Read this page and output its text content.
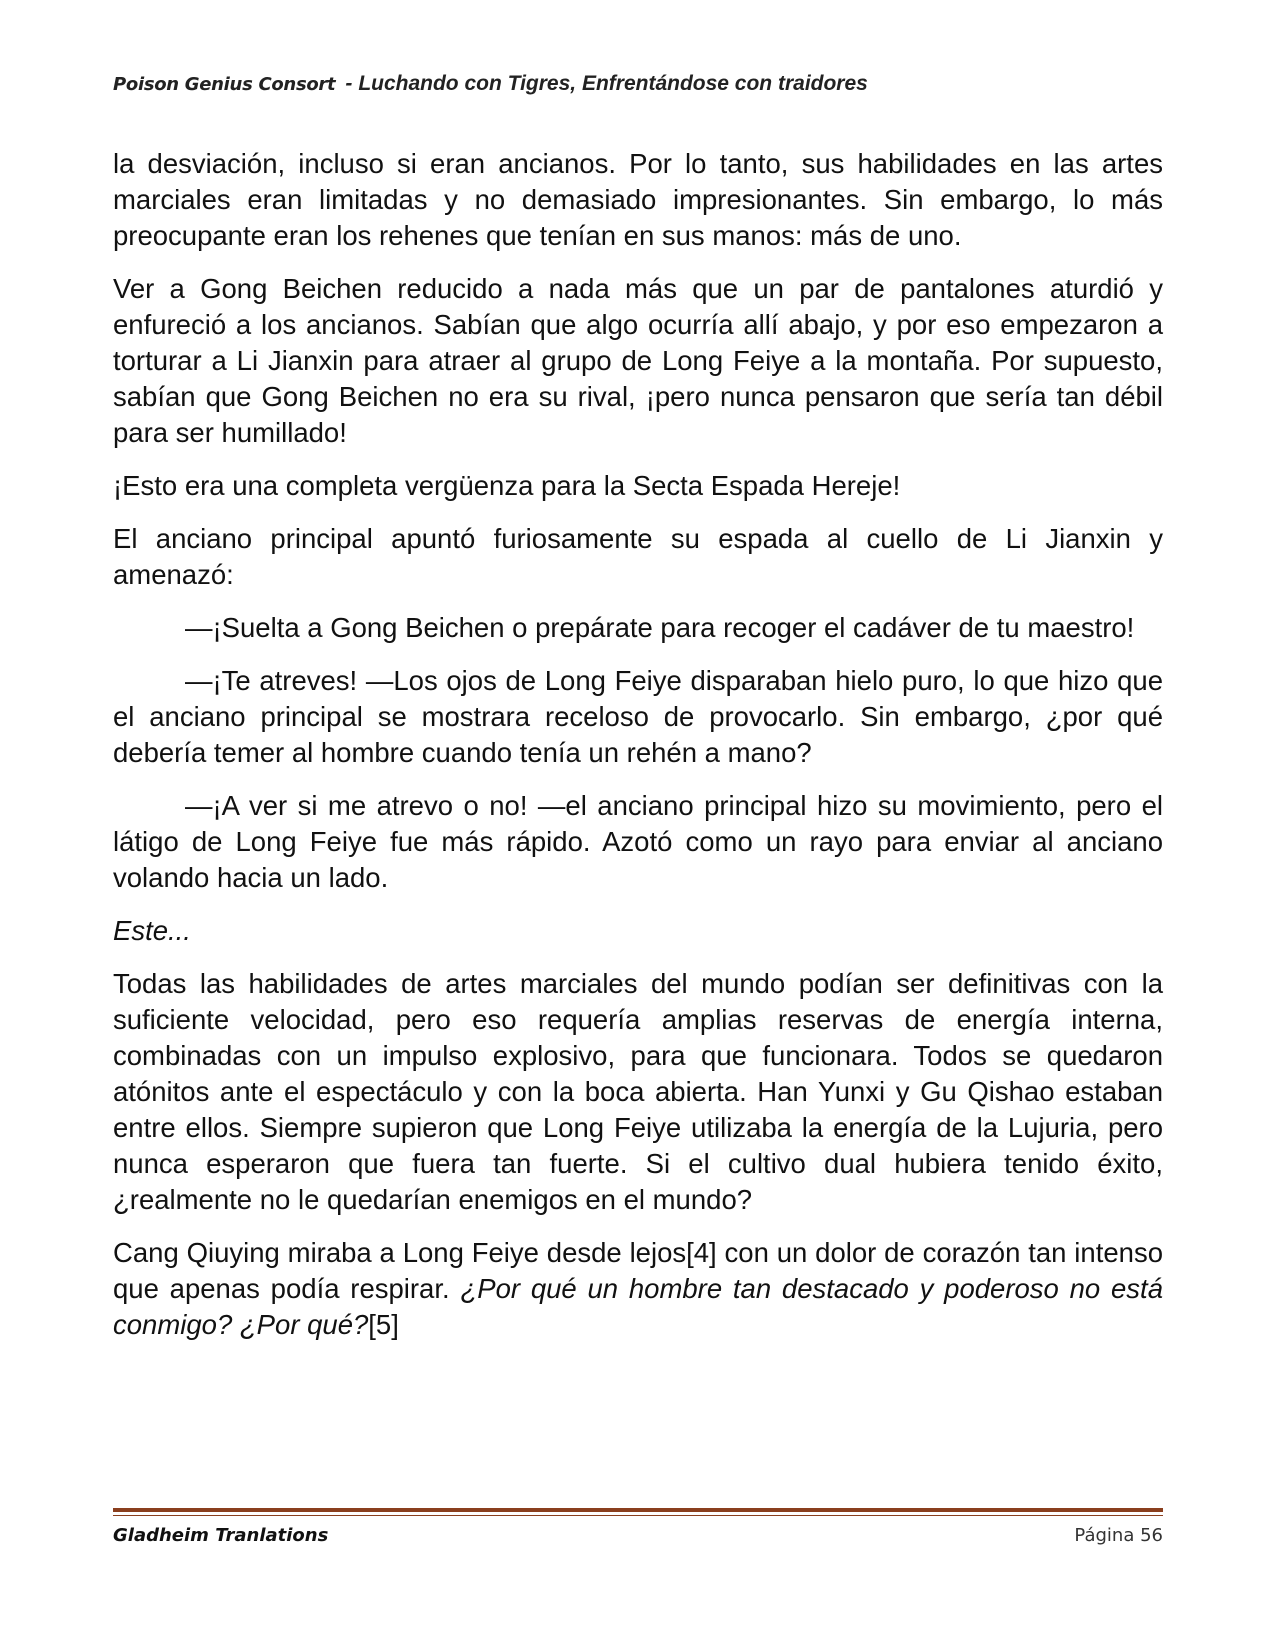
Poison Genius Consort - Luchando con Tigres, Enfrentándose con traidores

la desviación, incluso si eran ancianos. Por lo tanto, sus habilidades en las artes marciales eran limitadas y no demasiado impresionantes. Sin embargo, lo más preocupante eran los rehenes que tenían en sus manos: más de uno.

Ver a Gong Beichen reducido a nada más que un par de pantalones aturdió y enfureció a los ancianos. Sabían que algo ocurría allí abajo, y por eso empezaron a torturar a Li Jianxin para atraer al grupo de Long Feiye a la montaña. Por supuesto, sabían que Gong Beichen no era su rival, ¡pero nunca pensaron que sería tan débil para ser humillado!

¡Esto era una completa vergüenza para la Secta Espada Hereje!

El anciano principal apuntó furiosamente su espada al cuello de Li Jianxin y amenazó:

—¡Suelta a Gong Beichen o prepárate para recoger el cadáver de tu maestro!

—¡Te atreves! —Los ojos de Long Feiye disparaban hielo puro, lo que hizo que el anciano principal se mostrara receloso de provocarlo. Sin embargo, ¿por qué debería temer al hombre cuando tenía un rehén a mano?

—¡A ver si me atrevo o no! —el anciano principal hizo su movimiento, pero el látigo de Long Feiye fue más rápido. Azotó como un rayo para enviar al anciano volando hacia un lado.

Este...

Todas las habilidades de artes marciales del mundo podían ser definitivas con la suficiente velocidad, pero eso requería amplias reservas de energía interna, combinadas con un impulso explosivo, para que funcionara. Todos se quedaron atónitos ante el espectáculo y con la boca abierta. Han Yunxi y Gu Qishao estaban entre ellos. Siempre supieron que Long Feiye utilizaba la energía de la Lujuria, pero nunca esperaron que fuera tan fuerte. Si el cultivo dual hubiera tenido éxito, ¿realmente no le quedarían enemigos en el mundo?

Cang Qiuying miraba a Long Feiye desde lejos[4] con un dolor de corazón tan intenso que apenas podía respirar. ¿Por qué un hombre tan destacado y poderoso no está conmigo? ¿Por qué?[5]

Gladheim Tranlations	Página 56
